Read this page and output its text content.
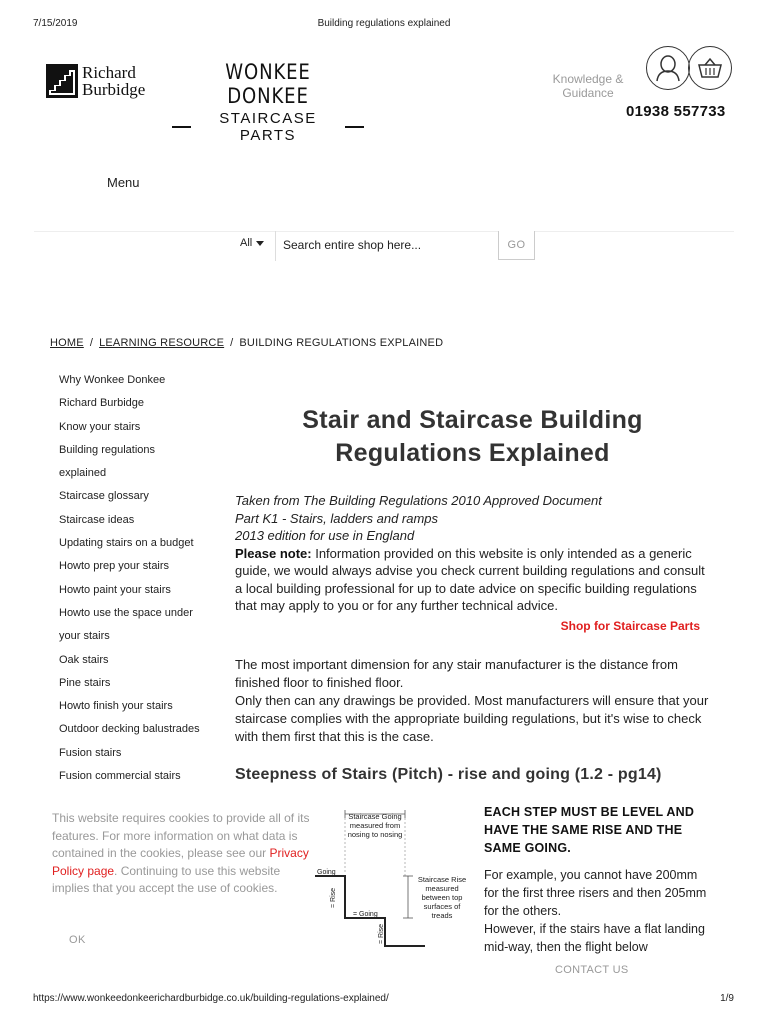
7/15/2019	Building regulations explained
Richard
Burbidge
WONKEE DONKEE
STAIRCASE PARTS
Knowledge &
Guidance
01938 557733
Menu
All
Search entire shop here...	GO
HOME / LEARNING RESOURCE / BUILDING REGULATIONS EXPLAINED
Why Wonkee Donkee
Richard Burbidge
Know your stairs
Building regulations
explained
Staircase glossary
Staircase ideas
Updating stairs on a budget
Howto prep your stairs
Howto paint your stairs
Howto use the space under
your stairs
Oak stairs
Pine stairs
Howto finish your stairs
Outdoor decking balustrades
Fusion stairs
Fusion commercial stairs
Stair and Staircase Building
Regulations Explained
Taken from The Building Regulations 2010 Approved Document
Part K1 - Stairs, ladders and ramps
2013 edition for use in England

Please note: Information provided on this website is only intended as a generic guide, we would always advise you check current building regulations and consult a local building professional for up to date advice on specific building regulations that may apply to you or for any further technical advice.

Shop for Staircase Parts

The most important dimension for any stair manufacturer is the distance from finished floor to finished floor.

Only then can any drawings be provided. Most manufacturers will ensure that your staircase complies with the appropriate building regulations, but it's wise to check with them first that this is the case.

Steepness of Stairs (Pitch) - rise and going (1.2 - pg14)
Staircase Going
measured from
nosing to nosing
Staircase Rise
measured
between top
surfaces of
treads
Going
= Going
= Rise
= Rise
EACH STEP MUST BE LEVEL AND HAVE THE SAME RISE AND THE SAME GOING.

For example, you cannot have 200mm for the first three risers and then 205mm for the others.

However, if the stairs have a flat landing mid-way, then the flight below

This website requires cookies to provide all of its features. For more information on what data is contained in the cookies, please see our Privacy Policy page. Continuing to use this website implies that you accept the use of cookies.

OK
CONTACT US
https://www.wonkeedonkeerichardburbidge.co.uk/building-regulations-explained/	1/9
